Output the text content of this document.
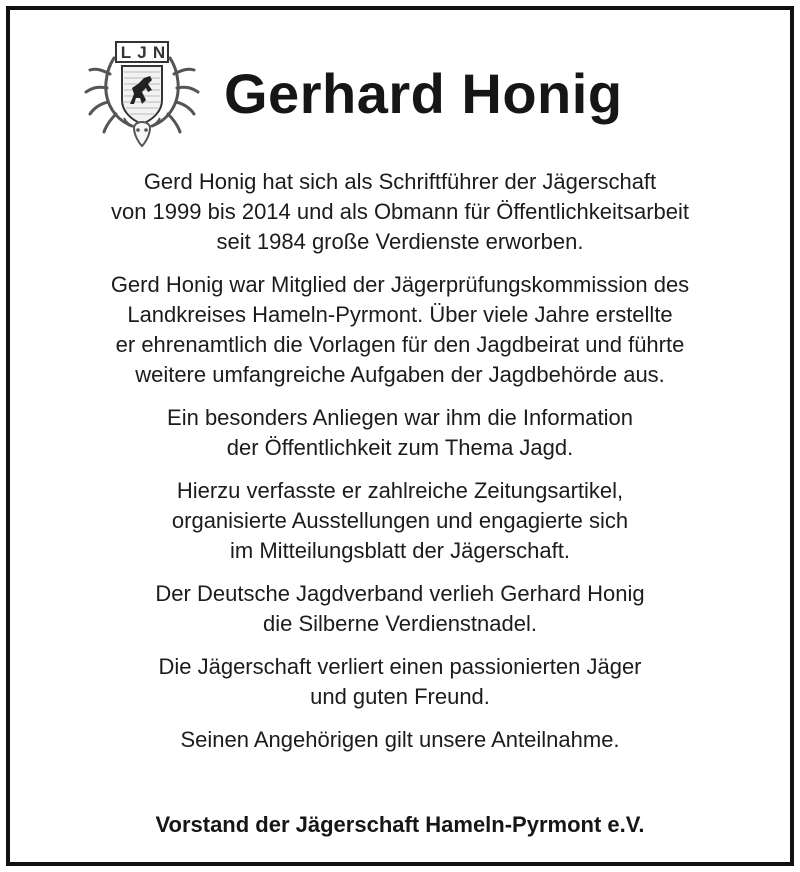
L J N
Gerhard Honig
Gerd Honig hat sich als Schriftführer der Jägerschaft
von 1999 bis 2014 und als Obmann für Öffentlichkeitsarbeit
seit 1984 große Verdienste erworben.
Gerd Honig war Mitglied der Jägerprüfungskommission des
Landkreises Hameln-Pyrmont. Über viele Jahre erstellte
er ehrenamtlich die Vorlagen für den Jagdbeirat und führte
weitere umfangreiche Aufgaben der Jagdbehörde aus.
Ein besonders Anliegen war ihm die Information
der Öffentlichkeit zum Thema Jagd.
Hierzu verfasste er zahlreiche Zeitungsartikel,
organisierte Ausstellungen und engagierte sich
im Mitteilungsblatt der Jägerschaft.
Der Deutsche Jagdverband verlieh Gerhard Honig
die Silberne Verdienstnadel.
Die Jägerschaft verliert einen passionierten Jäger
und guten Freund.
Seinen Angehörigen gilt unsere Anteilnahme.
Vorstand der Jägerschaft Hameln-Pyrmont e.V.
